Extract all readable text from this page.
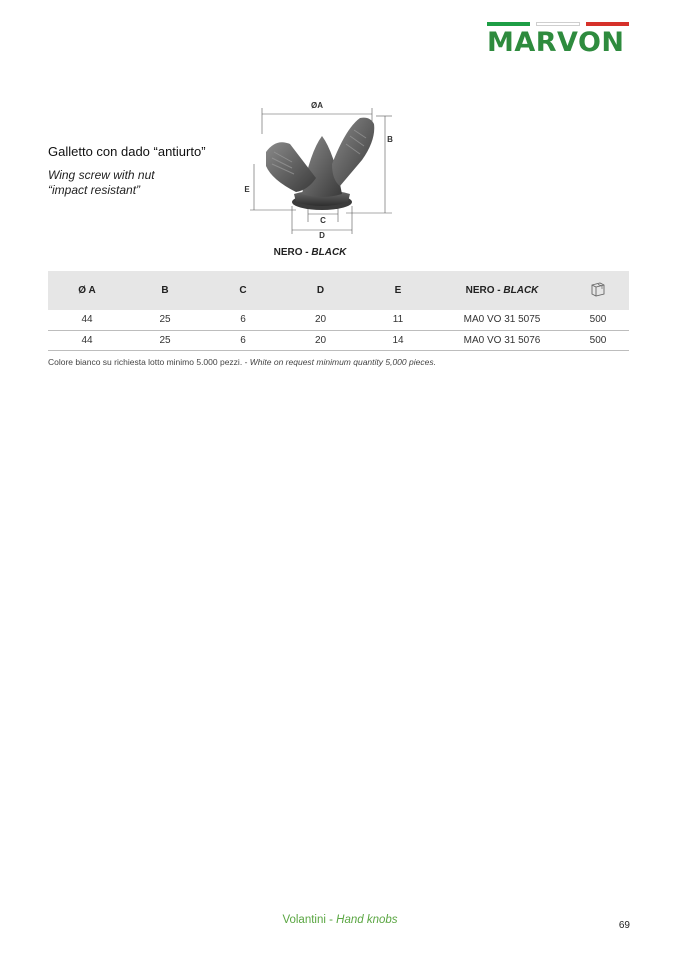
MARVON
Galletto con dado “antiurto”
Wing screw with nut
“impact resistant”
ØA
B
E
C
D
NERO - BLACK
Ø A	B	C	D	E	NERO - BLACK	
44	25	6	20	11	MA0 VO 31 5075	500
44	25	6	20	14	MA0 VO 31 5076	500
Colore bianco su richiesta lotto minimo 5.000 pezzi. - White on request minimum quantity 5,000 pieces.
Volantini - Hand knobs	69
